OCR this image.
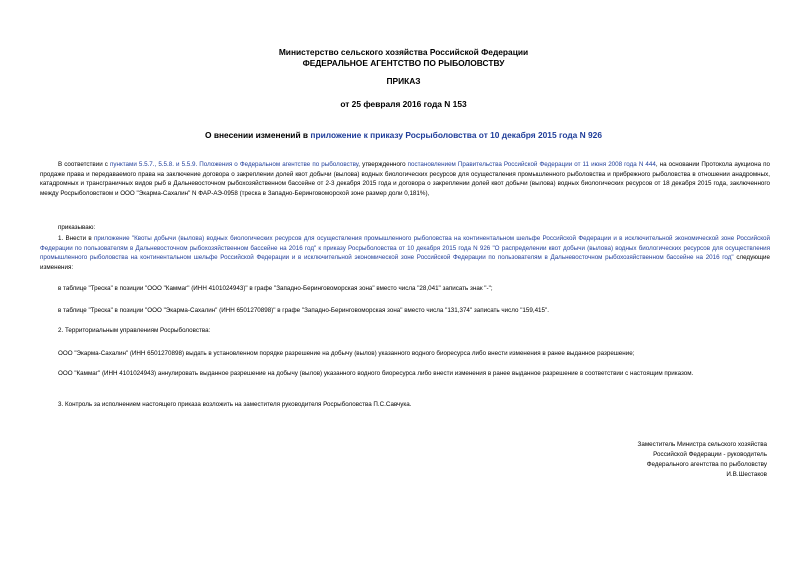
Министерство сельского хозяйства Российской Федерации
ФЕДЕРАЛЬНОЕ АГЕНТСТВО ПО РЫБОЛОВСТВУ
ПРИКАЗ
от 25 февраля 2016 года N 153
О внесении изменений в приложение к приказу Росрыболовства от 10 декабря 2015 года N 926
В соответствии с пунктами 5.5.7., 5.5.8. и 5.5.9. Положения о Федеральном агентстве по рыболовству, утвержденного постановлением Правительства Российской Федерации от 11 июня 2008 года N 444, на основании Протокола аукциона по продаже права и передаваемого права на заключение договора о закреплении долей квот добычи (вылова) водных биологических ресурсов для осуществления промышленного рыболовства и прибрежного рыболовства в отношении анадромных, катадромных и трансграничных видов рыб в Дальневосточном рыбохозяйственном бассейне от 2-3 декабря 2015 года и договора о закреплении долей квот добычи (вылова) водных биологических ресурсов от 18 декабря 2015 года, заключенного между Росрыболовством и ООО "Экарма-Сахалин" N ФАР-АЭ-0958 (треска в Западно-Беринговоморской зоне размер доли 0,181%),
приказываю:
1. Внести в приложение "Квоты добычи (вылова) водных биологических ресурсов для осуществления промышленного рыболовства на континентальном шельфе Российской Федерации и в исключительной экономической зоне Российской Федерации по пользователям в Дальневосточном рыбохозяйственном бассейне на 2016 год" к приказу Росрыболовства от 10 декабря 2015 года N 926 "О распределении квот добычи (вылова) водных биологических ресурсов для осуществления промышленного рыболовства на континентальном шельфе Российской Федерации и в исключительной экономической зоне Российской Федерации по пользователям в Дальневосточном рыбохозяйственном бассейне на 2016 год" следующие изменения:
в таблице "Треска" в позиции "ООО "Каммаг" (ИНН 4101024943)" в графе "Западно-Беринговоморская зона" вместо числа "28,041" записать знак "-";
в таблице "Треска" в позиции "ООО "Экарма-Сахалин" (ИНН 6501270898)" в графе "Западно-Беринговоморская зона" вместо числа "131,374" записать число "159,415".
2. Территориальным управлениям Росрыболовства:
ООО "Экарма-Сахалин" (ИНН 6501270898) выдать в установленном порядке разрешение на добычу (вылов) указанного водного биоресурса либо внести изменения в ранее выданное разрешение;
ООО "Каммаг" (ИНН 4101024943) аннулировать выданное разрешение на добычу (вылов) указанного водного биоресурса либо внести изменения в ранее выданное разрешение в соответствии с настоящим приказом.
3. Контроль за исполнением настоящего приказа возложить на заместителя руководителя Росрыболовства П.С.Савчука.
Заместитель Министра сельского хозяйства
Российской Федерации - руководитель
Федерального агентства по рыболовству
И.В.Шестаков
